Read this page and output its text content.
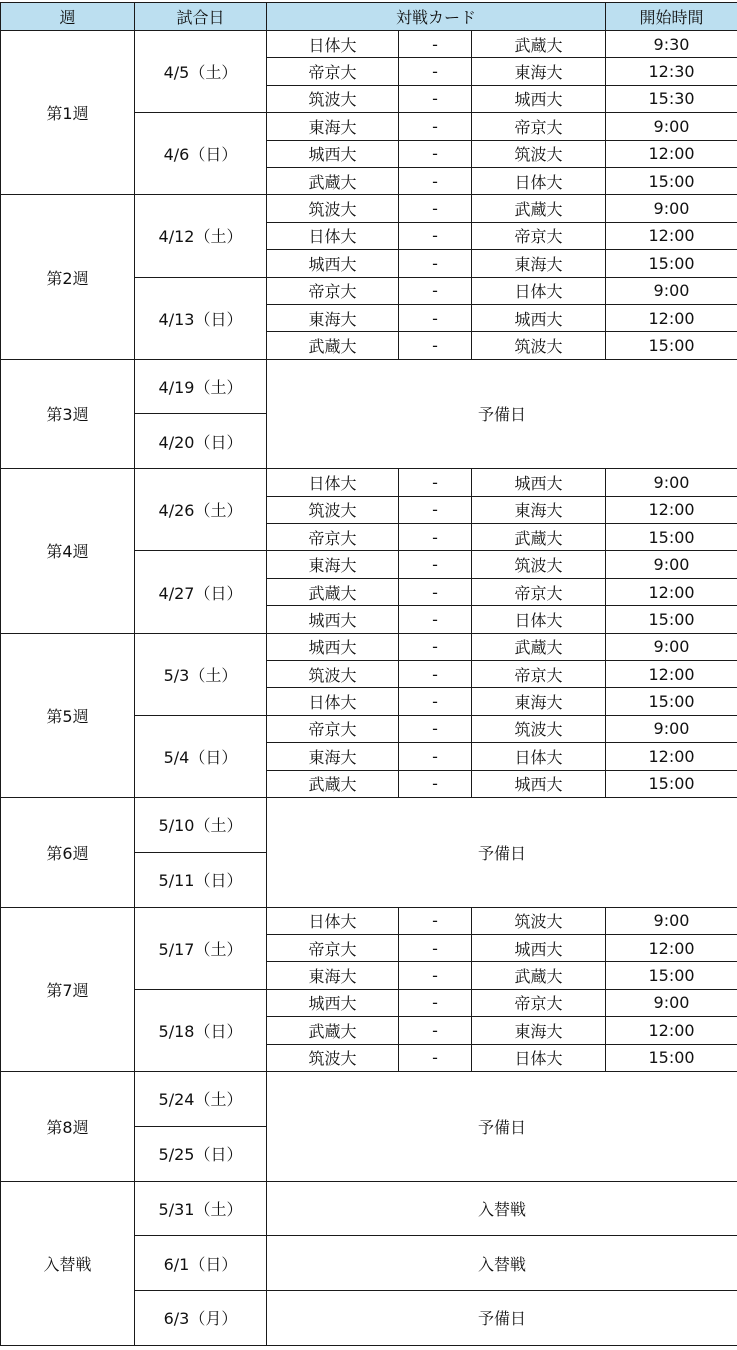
週	試合日	対戦カード			開始時間
第1週	4/5（土）	日体大	-	武蔵大	9:30
		帝京大	-	東海大	12:30
		筑波大	-	城西大	15:30
	4/6（日）	東海大	-	帝京大	9:00
		城西大	-	筑波大	12:00
		武蔵大	-	日体大	15:00
第2週	4/12（土）	筑波大	-	武蔵大	9:00
		日体大	-	帝京大	12:00
		城西大	-	東海大	15:00
	4/13（日）	帝京大	-	日体大	9:00
		東海大	-	城西大	12:00
		武蔵大	-	筑波大	15:00
第3週	4/19（土）	予備日			
	4/20（日）				
第4週	4/26（土）	日体大	-	城西大	9:00
		筑波大	-	東海大	12:00
		帝京大	-	武蔵大	15:00
	4/27（日）	東海大	-	筑波大	9:00
		武蔵大	-	帝京大	12:00
		城西大	-	日体大	15:00
第5週	5/3（土）	城西大	-	武蔵大	9:00
		筑波大	-	帝京大	12:00
		日体大	-	東海大	15:00
	5/4（日）	帝京大	-	筑波大	9:00
		東海大	-	日体大	12:00
		武蔵大	-	城西大	15:00
第6週	5/10（土）	予備日			
	5/11（日）				
第7週	5/17（土）	日体大	-	筑波大	9:00
		帝京大	-	城西大	12:00
		東海大	-	武蔵大	15:00
	5/18（日）	城西大	-	帝京大	9:00
		武蔵大	-	東海大	12:00
		筑波大	-	日体大	15:00
第8週	5/24（土）	予備日			
	5/25（日）				
入替戦	5/31（土）	入替戦			
	6/1（日）	入替戦			
	6/3（月）	予備日			
